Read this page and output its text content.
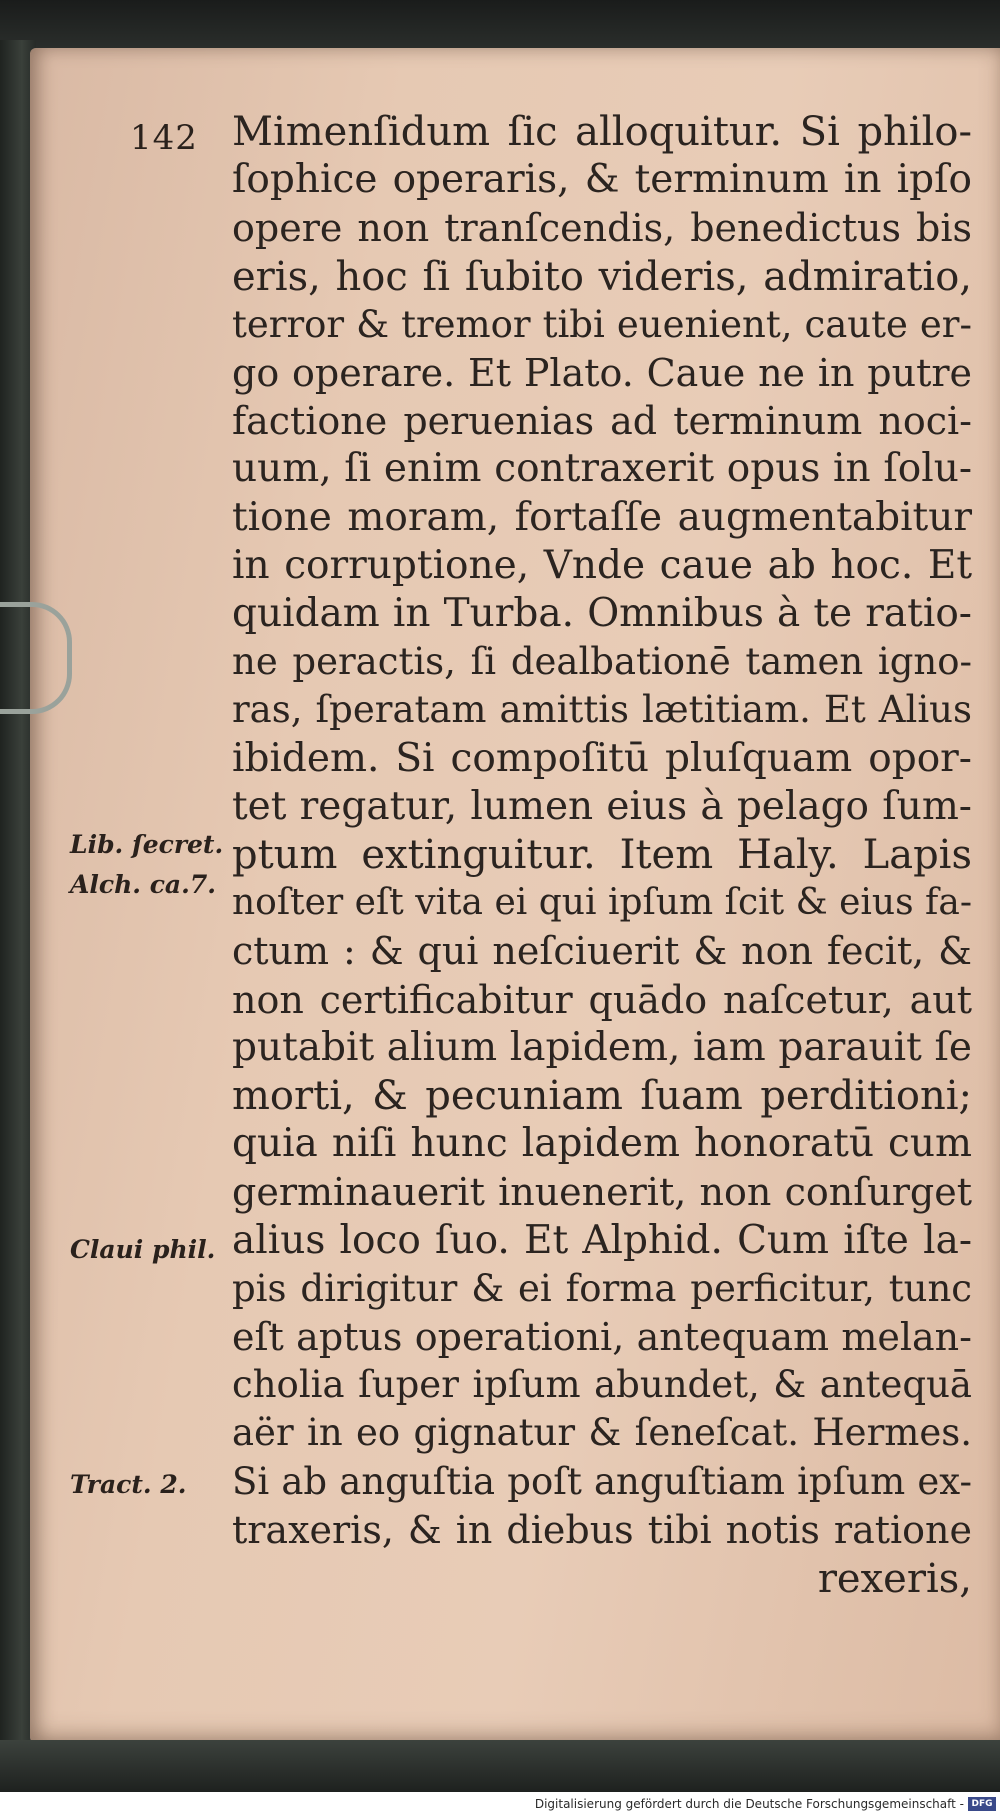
142 Mimenſidum ſic alloquitur. Si philo-
ſophice operaris, & terminum in ipſo
opere non tranſcendis, benedictus bis
eris, hoc ſi ſubito videris, admiratio,
terror & tremor tibi euenient, caute er-
go operare. Et Plato. Caue ne in putre
factione peruenias ad terminum noci-
uum, ſi enim contraxerit opus in ſolu-
tione moram, fortaſſe augmentabitur
in corruptione, Vnde caue ab hoc. Et
quidam in Turba. Omnibus à te ratio-
ne peractis, ſi dealbationē tamen igno-
ras, ſperatam amittis lætitiam. Et Alius
ibidem. Si compoſitū pluſquam opor-
tet regatur, lumen eius à pelago ſum-
ptum extinguitur. Item Haly. Lapis
noſter eſt vita ei qui ipſum ſcit & eius fa-
ctum : & qui neſciuerit & non fecit, &
non certificabitur quādo naſcetur, aut
putabit alium lapidem, iam parauit ſe
morti, & pecuniam ſuam perditioni;
quia niſi hunc lapidem honoratū cum
germinauerit inuenerit, non conſurget
alius loco ſuo. Et Alphid. Cum iſte la-
pis dirigitur & ei forma perficitur, tunc
eſt aptus operationi, antequam melan-
cholia ſuper ipſum abundet, & antequā
aër in eo gignatur & ſeneſcat. Hermes.
Si ab anguſtia poſt anguſtiam ipſum ex-
traxeris, & in diebus tibi notis ratione
Lib. ſecret.
Alch. ca.7.
Claui phil.
Tract. 2.
rexeris,
Digitalisierung gefördert durch die Deutsche Forschungsgemeinschaft - DFG
